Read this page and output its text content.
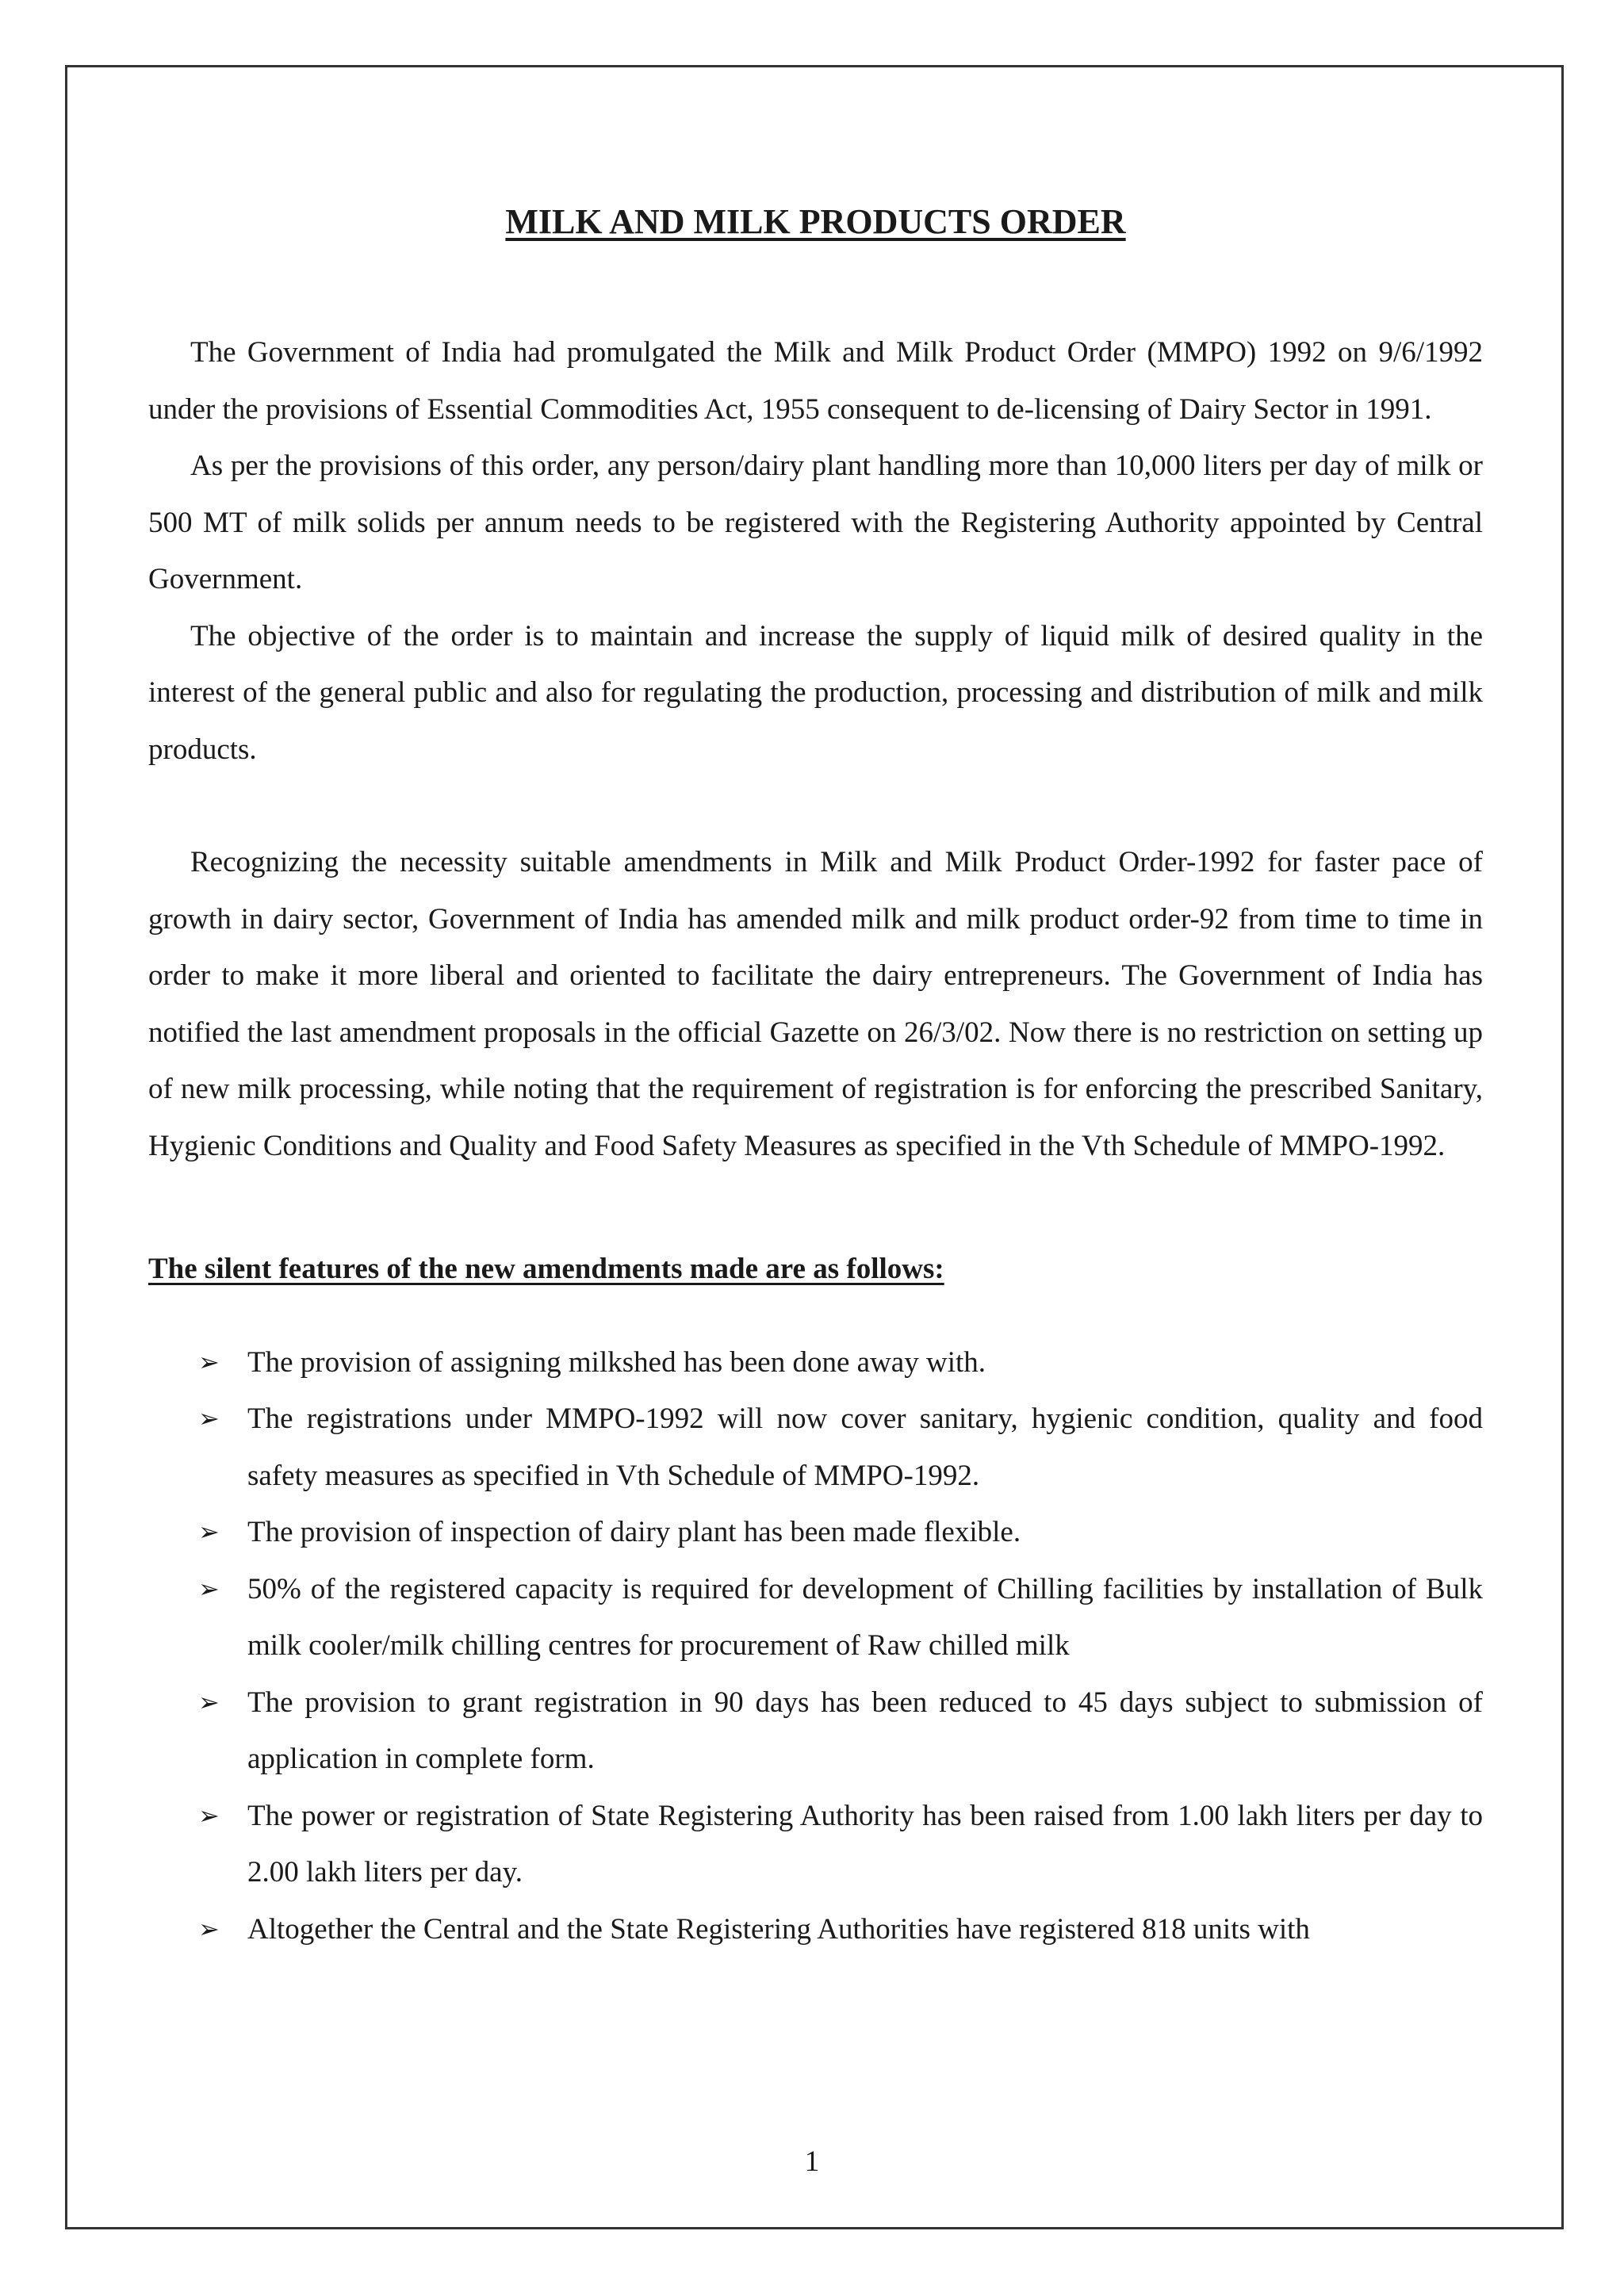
MILK AND MILK PRODUCTS ORDER

The Government of India had promulgated the Milk and Milk Product Order (MMPO) 1992 on 9/6/1992 under the provisions of Essential Commodities Act, 1955 consequent to de-licensing of Dairy Sector in 1991.

As per the provisions of this order, any person/dairy plant handling more than 10,000 liters per day of milk or 500 MT of milk solids per annum needs to be registered with the Registering Authority appointed by Central Government.

The objective of the order is to maintain and increase the supply of liquid milk of desired quality in the interest of the general public and also for regulating the production, processing and distribution of milk and milk products.

Recognizing the necessity suitable amendments in Milk and Milk Product Order-1992 for faster pace of growth in dairy sector, Government of India has amended milk and milk product order-92 from time to time in order to make it more liberal and oriented to facilitate the dairy entrepreneurs. The Government of India has notified the last amendment proposals in the official Gazette on 26/3/02. Now there is no restriction on setting up of new milk processing, while noting that the requirement of registration is for enforcing the prescribed Sanitary, Hygienic Conditions and Quality and Food Safety Measures as specified in the Vth Schedule of MMPO-1992.

The silent features of the new amendments made are as follows:

➢ The provision of assigning milkshed has been done away with.
➢ The registrations under MMPO-1992 will now cover sanitary, hygienic condition, quality and food safety measures as specified in Vth Schedule of MMPO-1992.
➢ The provision of inspection of dairy plant has been made flexible.
➢ 50% of the registered capacity is required for development of Chilling facilities by installation of Bulk milk cooler/milk chilling centres for procurement of Raw chilled milk
➢ The provision to grant registration in 90 days has been reduced to 45 days subject to submission of application in complete form.
➢ The power or registration of State Registering Authority has been raised from 1.00 lakh liters per day to 2.00 lakh liters per day.
➢ Altogether the Central and the State Registering Authorities have registered 818 units with
1
